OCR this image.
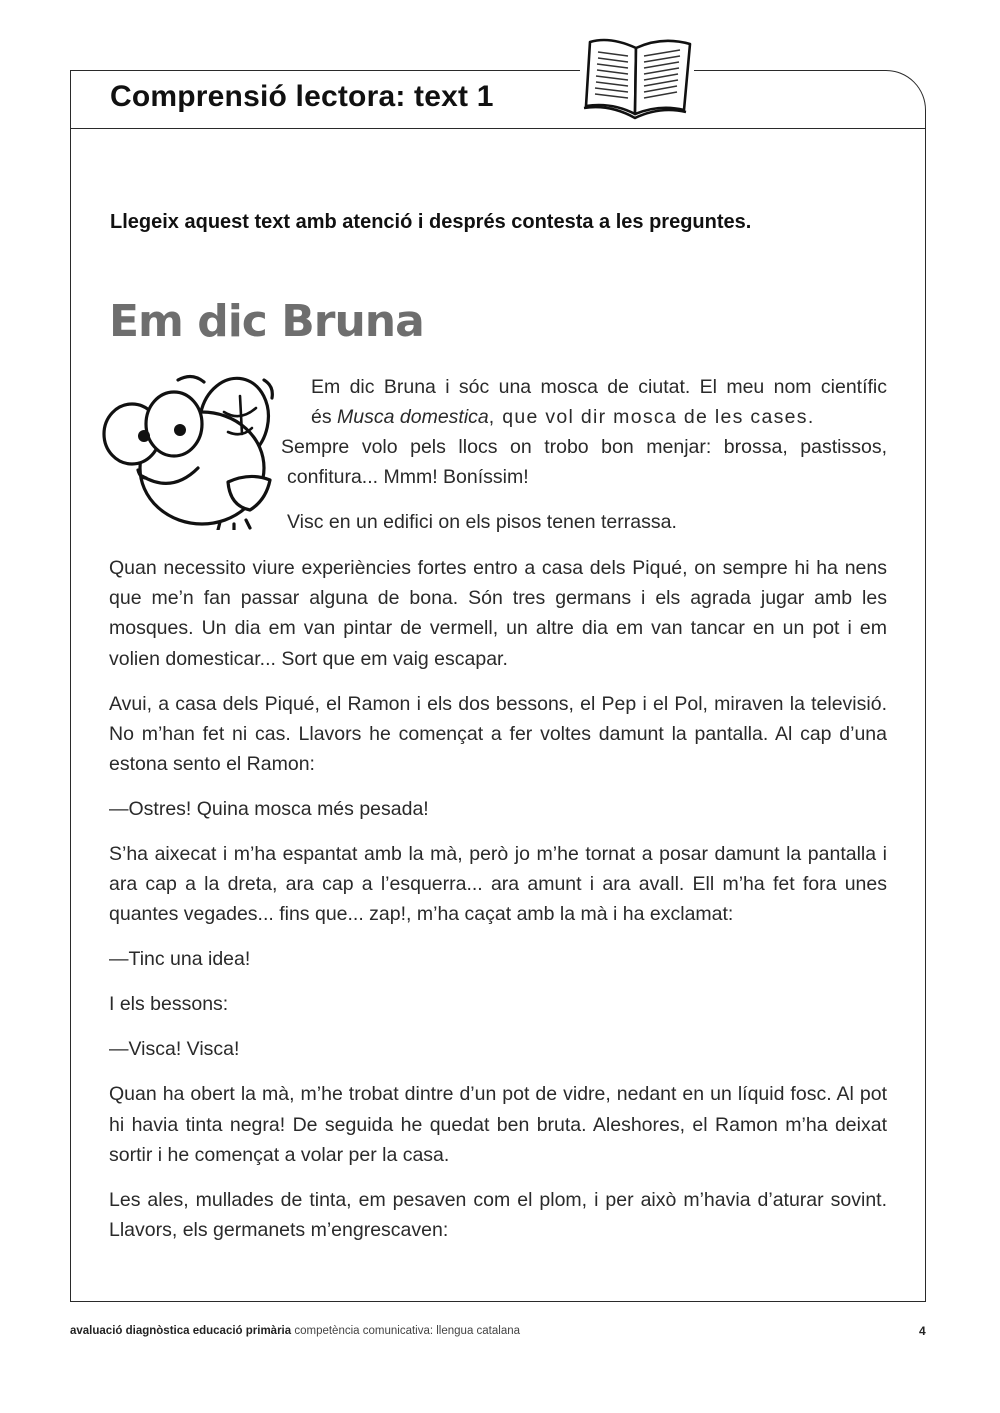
Comprensió lectora: text 1
Llegeix aquest text amb atenció i després contesta a les preguntes.
Em dic Bruna
Em dic Bruna i sóc una mosca de ciutat. El meu nom científic
és Musca domestica, que vol dir mosca de les cases.
Sempre volo pels llocs on trobo bon menjar: brossa, pastissos,
confitura... Mmm! Boníssim!
Visc en un edifici on els pisos tenen terrassa.

Quan necessito viure experiències fortes entro a casa dels Piqué, on sempre hi ha nens que me’n fan passar alguna de bona. Són tres germans i els agrada jugar amb les mosques. Un dia em van pintar de vermell, un altre dia em van tancar en un pot i em volien domesticar... Sort que em vaig escapar.

Avui, a casa dels Piqué, el Ramon i els dos bessons, el Pep i el Pol, miraven la televisió. No m’han fet ni cas. Llavors he començat a fer voltes damunt la pantalla. Al cap d’una estona sento el Ramon:

—Ostres! Quina mosca més pesada!

S’ha aixecat i m’ha espantat amb la mà, però jo m’he tornat a posar damunt la pantalla i ara cap a la dreta, ara cap a l’esquerra... ara amunt i ara avall. Ell m’ha fet fora unes quantes vegades... fins que... zap!, m’ha caçat amb la mà i ha exclamat:

—Tinc una idea!

I els bessons:

—Visca! Visca!

Quan ha obert la mà, m’he trobat dintre d’un pot de vidre, nedant en un líquid fosc. Al pot hi havia tinta negra! De seguida he quedat ben bruta. Aleshores, el Ramon m’ha deixat sortir i he començat a volar per la casa.

Les ales, mullades de tinta, em pesaven com el plom, i per això m’havia d’aturar sovint. Llavors, els germanets m’engrescaven:

avaluació diagnòstica educació primària competència comunicativa: llengua catalana	4
